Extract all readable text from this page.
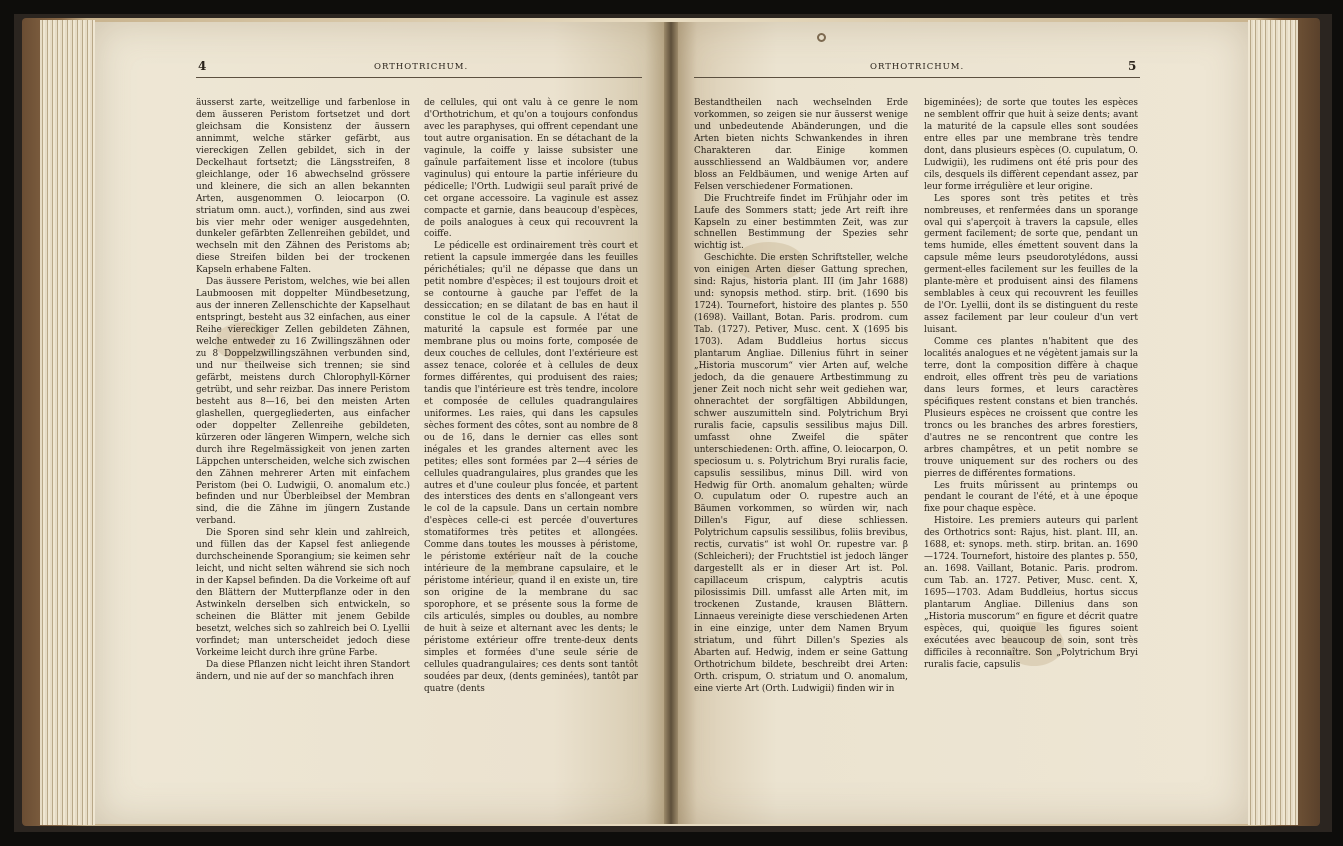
4	ORTHOTRICHUM.	5
ORTHOTRICHUM.

äusserst zarte, weitzellige und farbenlose in dem äusseren Peristom fortsetzet und dort gleichsam die Konsistenz der äussern annimmt, welche stärker gefärbt, aus viereckigen Zellen gebildet, sich in der Deckelhaut fortsetzt; die Längsstreifen, 8 gleichlange, oder 16 abwechselnd grössere und kleinere, die sich an allen bekannten Arten, ausgenommen O. leiocarpon (O. striatum omn. auct.), vorfinden, sind aus zwei bis vier mehr oder weniger ausgedehnten, dunkeler gefärbten Zellenreihen gebildet, und wechseln mit den Zähnen des Peristoms ab; diese Streifen bilden bei der trockenen Kapseln erhabene Falten.

Das äussere Peristom, welches, wie bei allen Laubmoosen mit doppelter Mündbesetzung, aus der inneren Zellenschichte der Kapselhaut entspringt, besteht aus 32 einfachen, aus einer Reihe viereckiger Zellen gebildeten Zähnen, welche entweder zu 16 Zwillingszähnen oder zu 8 Doppelzwillingszähnen verbunden sind, und nur theilweise sich trennen; sie sind gefärbt, meistens durch Chlorophyll-Körner getrübt, und sehr reizbar. Das innere Peristom besteht aus 8—16, bei den meisten Arten glashellen, quergegliederten, aus einfacher oder doppelter Zellenreihe gebildeten, kürzeren oder längeren Wimpern, welche sich durch ihre Regelmässigkeit von jenen zarten Läppchen unterscheiden, welche sich zwischen den Zähnen mehrerer Arten mit einfachem Peristom (bei O. Ludwigii, O. anomalum etc.) befinden und nur Überbleibsel der Membran sind, die die Zähne im jüngern Zustande verband.

Die Sporen sind sehr klein und zahlreich, und füllen das der Kapsel fest anliegende durchscheinende Sporangium; sie keimen sehr leicht, und nicht selten während sie sich noch in der Kapsel befinden. Da die Vorkeime oft auf den Blättern der Mutterpflanze oder in den Astwinkeln derselben sich entwickeln, so scheinen die Blätter mit jenem Gebilde besetzt, welches sich so zahlreich bei O. Lyellii vorfindet; man unterscheidet jedoch diese Vorkeime leicht durch ihre grüne Farbe.

Da diese Pflanzen nicht leicht ihren Standort ändern, und nie auf der so manchfach ihren

de cellules, qui ont valu à ce genre le nom d'Orthotrichum, et qu'on a toujours confondus avec les paraphyses, qui offrent cependant une tout autre organisation. En se détachant de la vaginule, la coiffe y laisse subsister une gaînule parfaitement lisse et incolore (tubus vaginulus) qui entoure la partie inférieure du pédicelle; l'Orth. Ludwigii seul paraît privé de cet organe accessoire. La vaginule est assez compacte et garnie, dans beaucoup d'espèces, de poils analogues à ceux qui recouvrent la coiffe.

Le pédicelle est ordinairement très court et retient la capsule immergée dans les feuilles périchétiales; qu'il ne dépasse que dans un petit nombre d'espèces; il est toujours droit et se contourne à gauche par l'effet de la dessiccation; en se dilatant de bas en haut il constitue le col de la capsule. A l'état de maturité la capsule est formée par une membrane plus ou moins forte, composée de deux couches de cellules, dont l'extérieure est assez tenace, colorée et à cellules de deux formes différentes, qui produisent des raies; tandis que l'intérieure est très tendre, incolore et composée de cellules quadrangulaires uniformes. Les raies, qui dans les capsules sèches forment des côtes, sont au nombre de 8 ou de 16, dans le dernier cas elles sont inégales et les grandes alternent avec les petites; elles sont formées par 2—4 séries de cellules quadrangulaires, plus grandes que les autres et d'une couleur plus foncée, et partent des interstices des dents en s'allongeant vers le col de la capsule. Dans un certain nombre d'espèces celle-ci est percée d'ouvertures stomatiformes très petites et allongées. Comme dans toutes les mousses à péristome, le péristome extérieur naît de la couche intérieure de la membrane capsulaire, et le péristome intérieur, quand il en existe un, tire son origine de la membrane du sac sporophore, et se présente sous la forme de cils articulés, simples ou doubles, au nombre de huit à seize et alternant avec les dents; le péristome extérieur offre trente-deux dents simples et formées d'une seule série de cellules quadrangulaires; ces dents sont tantôt soudées par deux, (dents geminées), tantôt par quatre (dents

Bestandtheilen nach wechselnden Erde vorkommen, so zeigen sie nur äusserst wenige und unbedeutende Abänderungen, und die Arten bieten nichts Schwankendes in ihren Charakteren dar. Einige kommen ausschliessend an Waldbäumen vor, andere bloss an Feldbäumen, und wenige Arten auf Felsen verschiedener Formationen.

Die Fruchtreife findet im Frühjahr oder im Laufe des Sommers statt; jede Art reift ihre Kapseln zu einer bestimmten Zeit, was zur schnellen Bestimmung der Spezies sehr wichtig ist.

Geschichte. Die ersten Schriftsteller, welche von einigen Arten dieser Gattung sprechen, sind: Rajus, historia plant. III (im Jahr 1688) und: synopsis method. stirp. brit. (1690 bis 1724). Tournefort, histoire des plantes p. 550 (1698). Vaillant, Botan. Paris. prodrom. cum Tab. (1727). Petiver, Musc. cent. X (1695 bis 1703). Adam Buddleius hortus siccus plantarum Angliae. Dillenius führt in seiner „Historia muscorum“ vier Arten auf, welche jedoch, da die genauere Artbestimmung zu jener Zeit noch nicht sehr weit gediehen war, ohnerachtet der sorgfältigen Abbildungen, schwer auszumitteln sind. Polytrichum Bryi ruralis facie, capsulis sessilibus majus Dill. umfasst ohne Zweifel die später unterschiedenen: Orth. affine, O. leiocarpon, O. speciosum u. s. Polytrichum Bryi ruralis facie, capsulis sessilibus, minus Dill. wird von Hedwig für Orth. anomalum gehalten; würde O. cupulatum oder O. rupestre auch an Bäumen vorkommen, so würden wir, nach Dillen's Figur, auf diese schliessen. Polytrichum capsulis sessilibus, foliis brevibus, rectis, curvatis“ ist wohl Or. rupestre var. β (Schleicheri); der Fruchtstiel ist jedoch länger dargestellt als er in dieser Art ist. Pol. capillaceum crispum, calyptris acutis pilosissimis Dill. umfasst alle Arten mit, im trockenen Zustande, krausen Blättern. Linnaeus vereinigte diese verschiedenen Arten in eine einzige, unter dem Namen Bryum striatum, und führt Dillen's Spezies als Abarten auf. Hedwig, indem er seine Gattung Orthotrichum bildete, beschreibt drei Arten: Orth. crispum, O. striatum und O. anomalum, eine vierte Art (Orth. Ludwigii) finden wir in

bigeminées); de sorte que toutes les espèces ne semblent offrir que huit à seize dents; avant la maturité de la capsule elles sont soudées entre elles par une membrane très tendre dont, dans plusieurs espèces (O. cupulatum, O. Ludwigii), les rudimens ont été pris pour des cils, desquels ils diffèrent cependant assez, par leur forme irrégulière et leur origine.

Les spores sont très petites et très nombreuses, et renfermées dans un sporange oval qui s'aperçoit à travers la capsule, elles germent facilement; de sorte que, pendant un tems humide, elles émettent souvent dans la capsule même leurs pseudorotylédons, aussi germent-elles facilement sur les feuilles de la plante-mère et produisent ainsi des filamens semblables à ceux qui recouvrent les feuilles de l'Or. Lyellii, dont ils se distinguent du reste assez facilement par leur couleur d'un vert luisant.

Comme ces plantes n'habitent que des localités analogues et ne végètent jamais sur la terre, dont la composition diffère à chaque endroit, elles offrent très peu de variations dans leurs formes, et leurs caractères spécifiques restent constans et bien tranchés. Plusieurs espèces ne croissent que contre les troncs ou les branches des arbres forestiers, d'autres ne se rencontrent que contre les arbres champêtres, et un petit nombre se trouve uniquement sur des rochers ou des pierres de différentes formations.

Les fruits mûrissent au printemps ou pendant le courant de l'été, et à une époque fixe pour chaque espèce.

Histoire. Les premiers auteurs qui parlent des Orthotrics sont: Rajus, hist. plant. III, an. 1688, et: synops. meth. stirp. britan. an. 1690—1724. Tournefort, histoire des plantes p. 550, an. 1698. Vaillant, Botanic. Paris. prodrom. cum Tab. an. 1727. Petiver, Musc. cent. X, 1695—1703. Adam Buddleius, hortus siccus plantarum Angliae. Dillenius dans son „Historia muscorum“ en figure et décrit quatre espèces, qui, quoique les figures soient exécutées avec beaucoup de soin, sont très difficiles à reconnaître. Son „Polytrichum Bryi ruralis facie, capsulis
